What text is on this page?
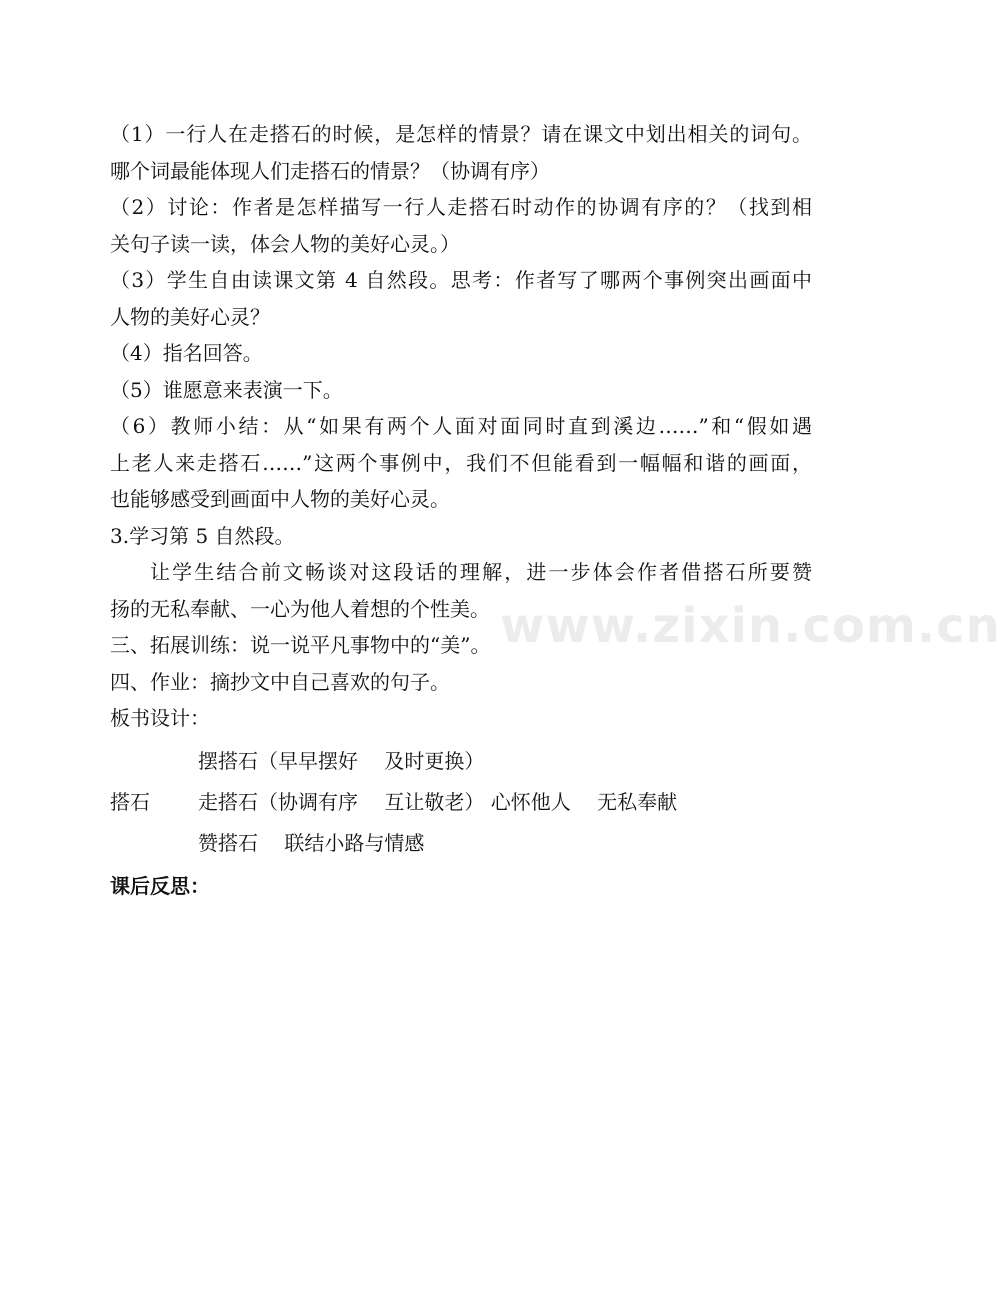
（1）一行人在走搭石的时候，是怎样的情景？请在课文中划出相关的词句。
哪个词最能体现人们走搭石的情景？（协调有序）
（2）讨论：作者是怎样描写一行人走搭石时动作的协调有序的？（找到相
关句子读一读，体会人物的美好心灵。）
（3）学生自由读课文第 4 自然段。思考：作者写了哪两个事例突出画面中
人物的美好心灵？
（4）指名回答。
（5）谁愿意来表演一下。
（6）教师小结：从“如果有两个人面对面同时直到溪边……”和“假如遇
上老人来走搭石……”这两个事例中，我们不但能看到一幅幅和谐的画面，
也能够感受到画面中人物的美好心灵。
3.学习第 5 自然段。
让学生结合前文畅谈对这段话的理解，进一步体会作者借搭石所要赞
扬的无私奉献、一心为他人着想的个性美。
三、拓展训练：说一说平凡事物中的“美”。
四、作业：摘抄文中自己喜欢的句子。
板书设计：
摆搭石（早早摆好　 及时更换）
搭石	走搭石（协调有序　 互让敬老） 心怀他人　 无私奉献
赞搭石　 联结小路与情感
课后反思：
www.zixin.com.cn
